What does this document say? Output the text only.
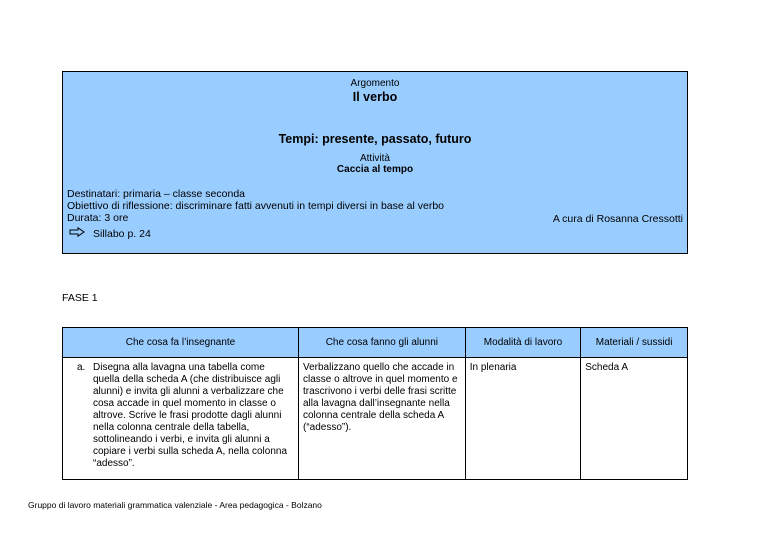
Argomento
Il verbo
Tempi: presente, passato, futuro
Attività
Caccia al tempo
Destinatari: primaria – classe seconda
Obiettivo di riflessione: discriminare fatti avvenuti in tempi diversi in base al verbo
Durata: 3 ore
Sillabo p. 24
A cura di Rosanna Cressotti
FASE 1
Che cosa fa l’insegnante	Che cosa fanno gli alunni	Modalità di lavoro	Materiali / sussidi

a. Disegna alla lavagna una tabella come quella della scheda A (che distribuisce agli alunni) e invita gli alunni a verbalizzare che cosa accade in quel momento in classe o altrove. Scrive le frasi prodotte dagli alunni nella colonna centrale della tabella, sottolineando i verbi, e invita gli alunni a copiare i verbi sulla scheda A, nella colonna “adesso”.	Verbalizzano quello che accade in classe o altrove in quel momento e trascrivono i verbi delle frasi scritte alla lavagna dall’insegnante nella colonna centrale della scheda A (“adesso”).	In plenaria	Scheda A
Gruppo di lavoro materiali grammatica valenziale - Area pedagogica - Bolzano
